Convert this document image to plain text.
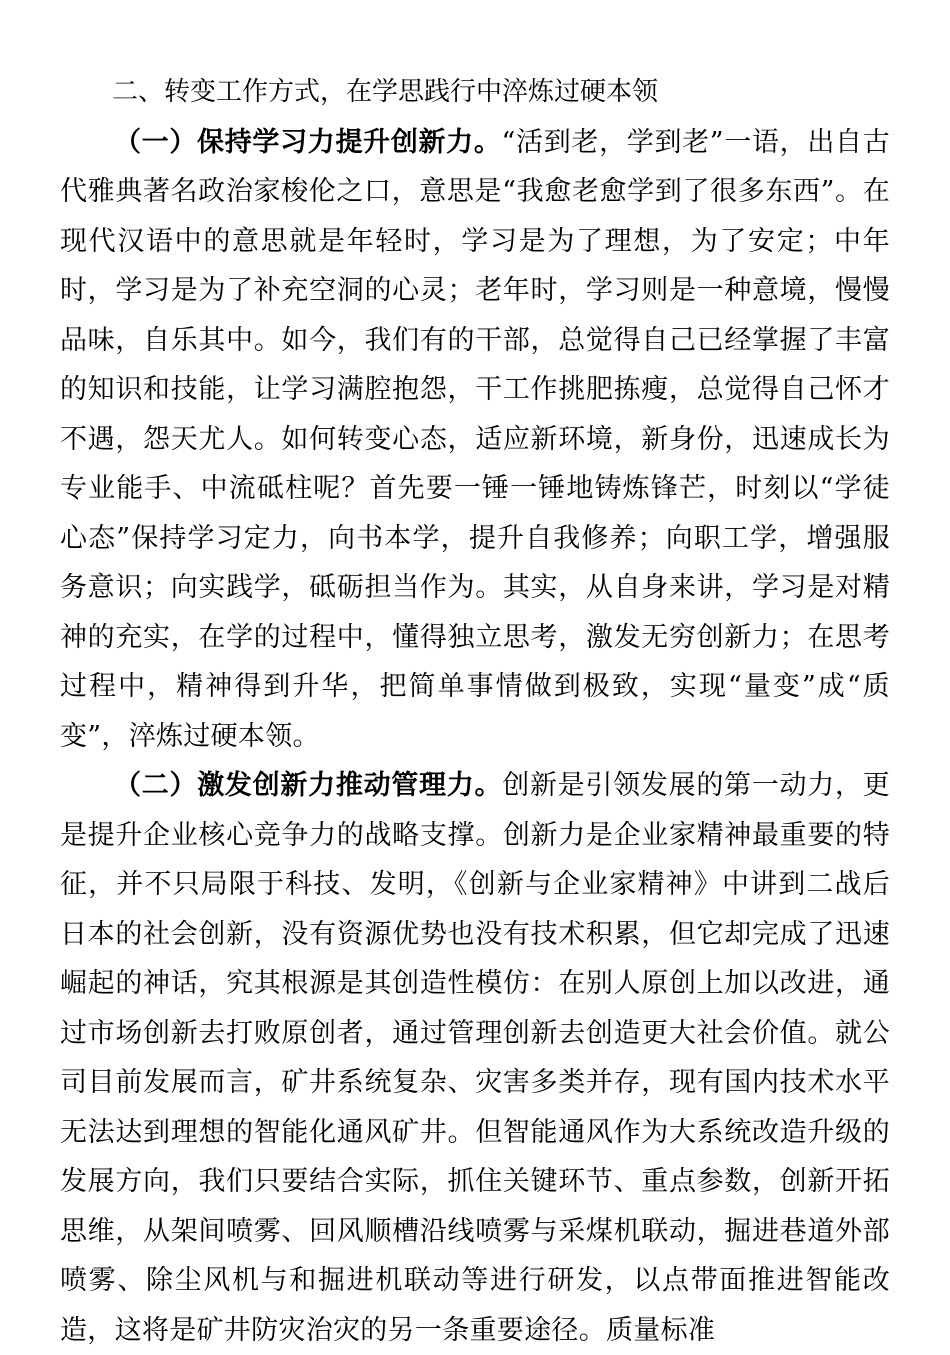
二、转变工作方式，在学思践行中淬炼过硬本领

（一）保持学习力提升创新力。“活到老，学到老”一语，出自古代雅典著名政治家梭伦之口，意思是“我愈老愈学到了很多东西”。在现代汉语中的意思就是年轻时，学习是为了理想，为了安定；中年时，学习是为了补充空洞的心灵；老年时，学习则是一种意境，慢慢品味，自乐其中。如今，我们有的干部，总觉得自己已经掌握了丰富的知识和技能，让学习满腔抱怨，干工作挑肥拣瘦，总觉得自己怀才不遇，怨天尤人。如何转变心态，适应新环境，新身份，迅速成长为专业能手、中流砥柱呢？首先要一锤一锤地铸炼锋芒，时刻以“学徒心态”保持学习定力，向书本学，提升自我修养；向职工学，增强服务意识；向实践学，砥砺担当作为。其实，从自身来讲，学习是对精神的充实，在学的过程中，懂得独立思考，激发无穷创新力；在思考过程中，精神得到升华，把简单事情做到极致，实现“量变”成“质变”，淬炼过硬本领。

（二）激发创新力推动管理力。创新是引领发展的第一动力，更是提升企业核心竞争力的战略支撑。创新力是企业家精神最重要的特征，并不只局限于科技、发明，《创新与企业家精神》中讲到二战后日本的社会创新，没有资源优势也没有技术积累，但它却完成了迅速崛起的神话，究其根源是其创造性模仿：在别人原创上加以改进，通过市场创新去打败原创者，通过管理创新去创造更大社会价值。就公司目前发展而言，矿井系统复杂、灾害多类并存，现有国内技术水平无法达到理想的智能化通风矿井。但智能通风作为大系统改造升级的发展方向，我们只要结合实际，抓住关键环节、重点参数，创新开拓思维，从架间喷雾、回风顺槽沿线喷雾与采煤机联动，掘进巷道外部喷雾、除尘风机与和掘进机联动等进行研发，以点带面推进智能改造，这将是矿井防灾治灾的另一条重要途径。质量标准
